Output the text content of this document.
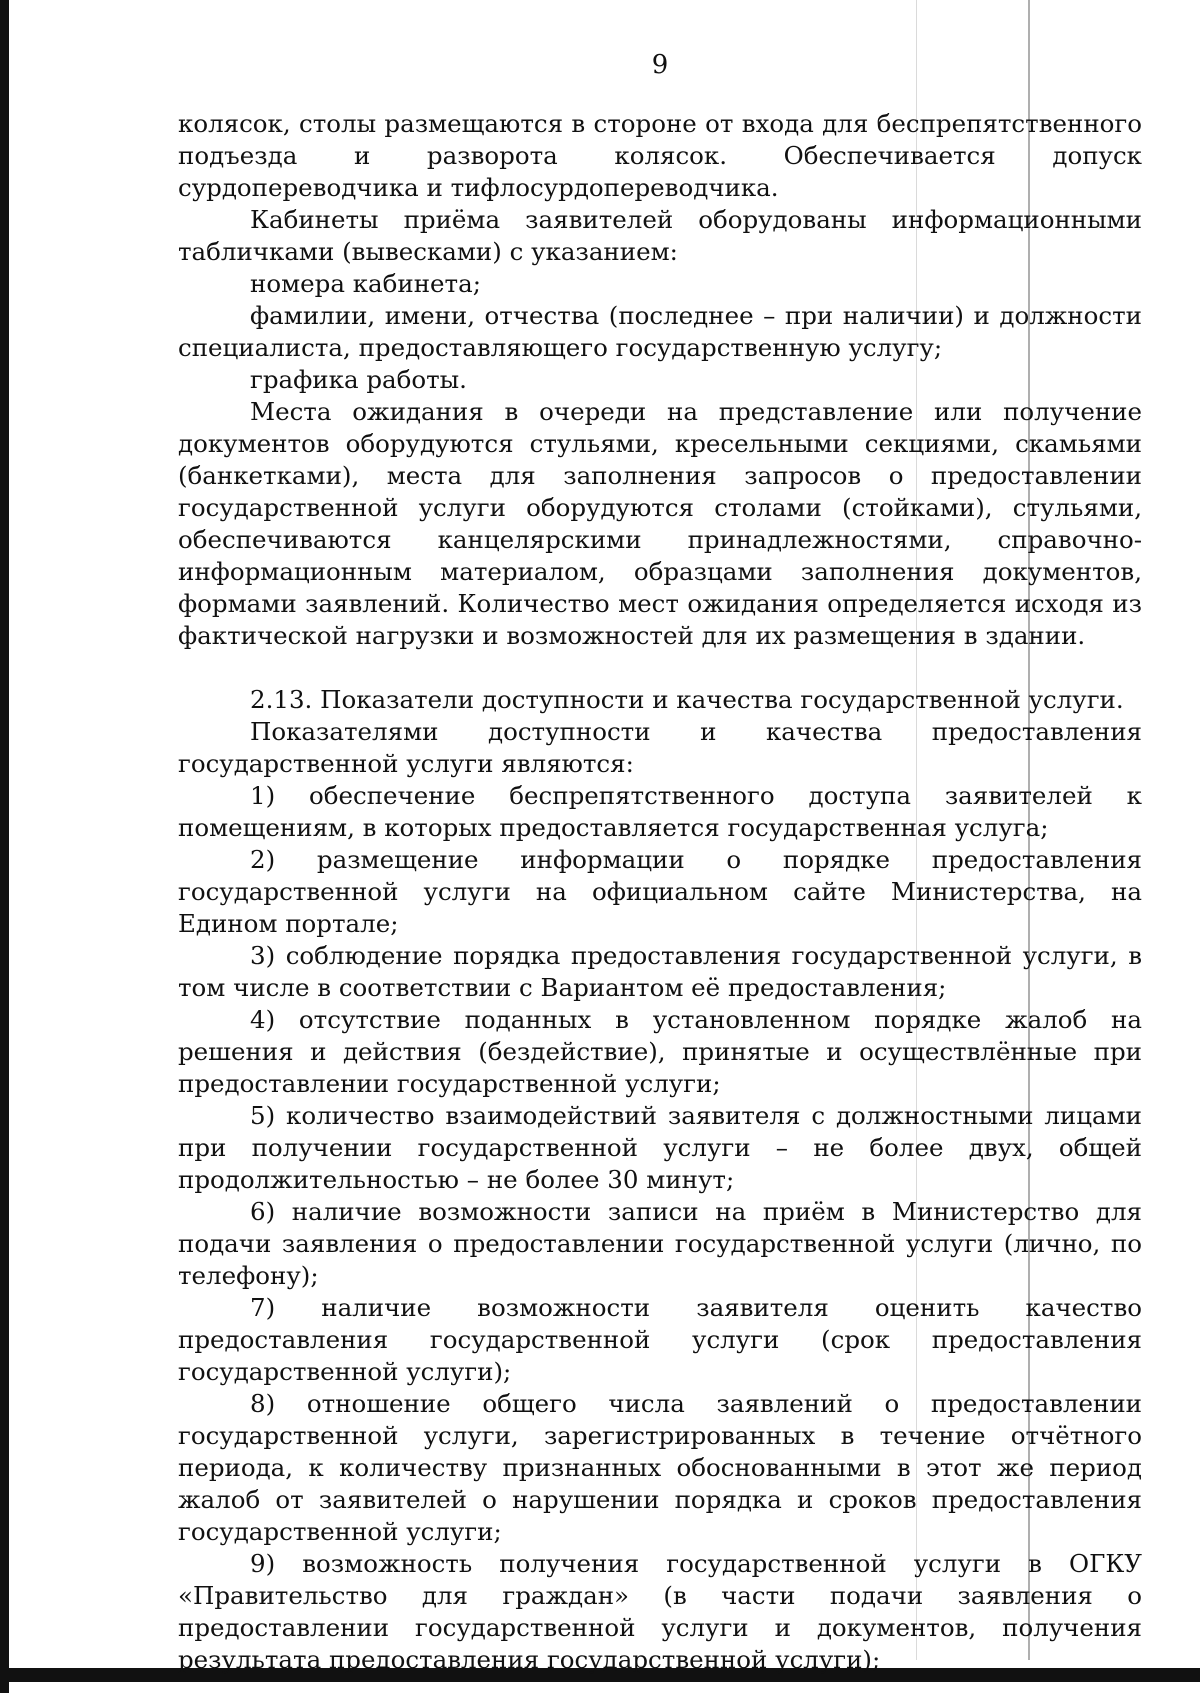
9

колясок, столы размещаются в стороне от входа для беспрепятственного подъезда и разворота колясок. Обеспечивается допуск сурдопереводчика и тифлосурдопереводчика.

Кабинеты приёма заявителей оборудованы информационными табличками (вывесками) с указанием:

номера кабинета;

фамилии, имени, отчества (последнее – при наличии) и должности специалиста, предоставляющего государственную услугу;

графика работы.

Места ожидания в очереди на представление или получение документов оборудуются стульями, кресельными секциями, скамьями (банкетками), места для заполнения запросов о предоставлении государственной услуги оборудуются столами (стойками), стульями, обеспечиваются канцелярскими принадлежностями, справочно-информационным материалом, образцами заполнения документов, формами заявлений. Количество мест ожидания определяется исходя из фактической нагрузки и возможностей для их размещения в здании.

2.13. Показатели доступности и качества государственной услуги.

Показателями доступности и качества предоставления государственной услуги являются:

1) обеспечение беспрепятственного доступа заявителей к помещениям, в которых предоставляется государственная услуга;

2) размещение информации о порядке предоставления государственной услуги на официальном сайте Министерства, на Едином портале;

3) соблюдение порядка предоставления государственной услуги, в том числе в соответствии с Вариантом её предоставления;

4) отсутствие поданных в установленном порядке жалоб на решения и действия (бездействие), принятые и осуществлённые при предоставлении государственной услуги;

5) количество взаимодействий заявителя с должностными лицами при получении государственной услуги – не более двух, общей продолжительностью – не более 30 минут;

6) наличие возможности записи на приём в Министерство для подачи заявления о предоставлении государственной услуги (лично, по телефону);

7) наличие возможности заявителя оценить качество предоставления государственной услуги (срок предоставления государственной услуги);

8) отношение общего числа заявлений о предоставлении государственной услуги, зарегистрированных в течение отчётного периода, к количеству признанных обоснованными в этот же период жалоб от заявителей о нарушении порядка и сроков предоставления государственной услуги;

9) возможность получения государственной услуги в ОГКУ «Правительство для граждан» (в части подачи заявления о предоставлении государственной услуги и документов, получения результата предоставления государственной услуги);
